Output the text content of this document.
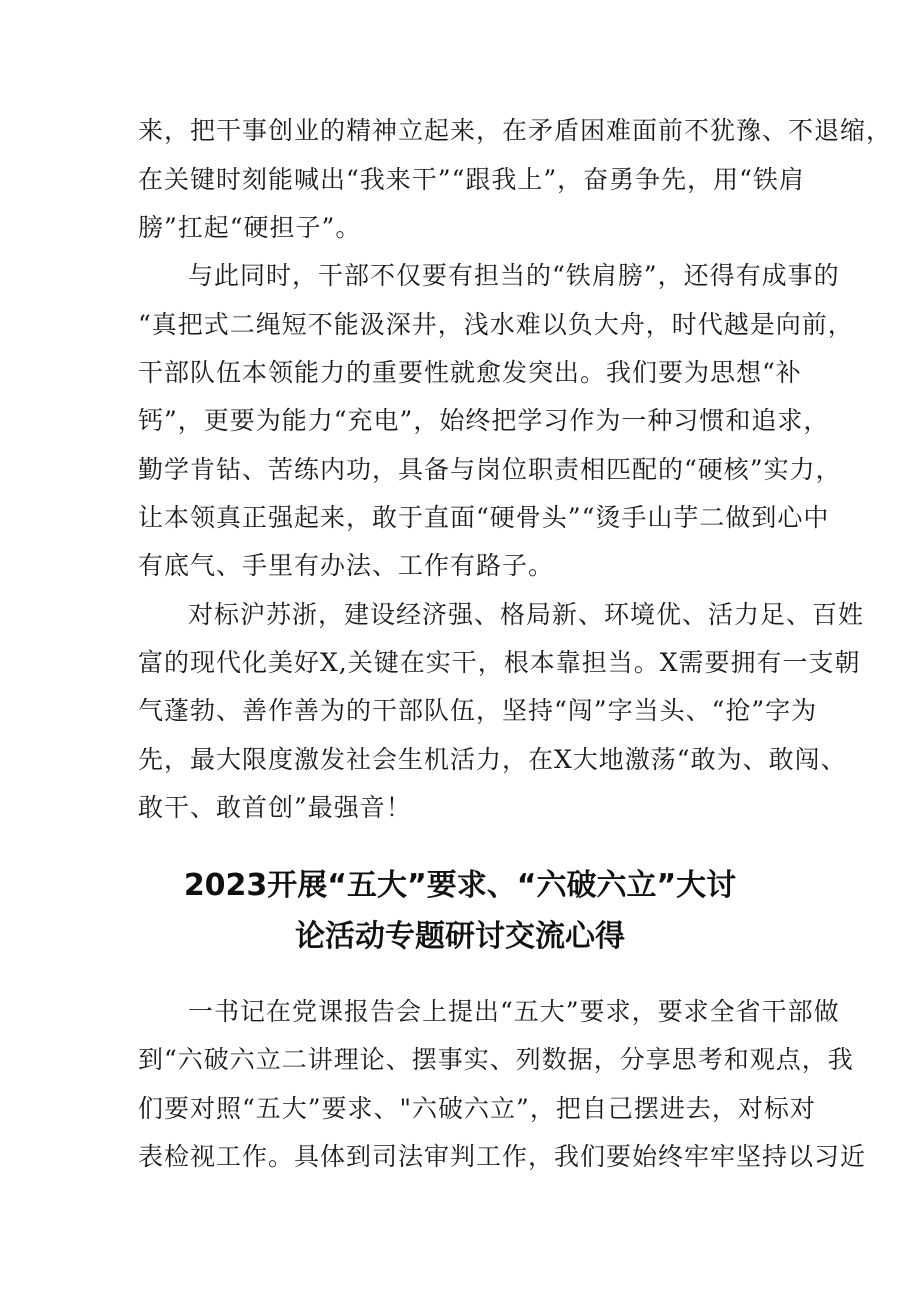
来，把干事创业的精神立起来，在矛盾困难面前不犹豫、不退缩，
在关键时刻能喊出“我来干”“跟我上”，奋勇争先，用“铁肩
膀”扛起“硬担子”。
与此同时，干部不仅要有担当的“铁肩膀”，还得有成事的
“真把式二绳短不能汲深井，浅水难以负大舟，时代越是向前，
干部队伍本领能力的重要性就愈发突出。我们要为思想“补
钙”，更要为能力“充电”，始终把学习作为一种习惯和追求，
勤学肯钻、苦练内功，具备与岗位职责相匹配的“硬核”实力，
让本领真正强起来，敢于直面“硬骨头”“烫手山芋二做到心中
有底气、手里有办法、工作有路子。
对标沪苏浙，建设经济强、格局新、环境优、活力足、百姓
富的现代化美好X,关键在实干，根本靠担当。X需要拥有一支朝
气蓬勃、善作善为的干部队伍，坚持“闯”字当头、“抢”字为
先，最大限度激发社会生机活力，在X大地激荡“敢为、敢闯、
敢干、敢首创”最强音！
2023开展“五大”要求、“六破六立”大讨
论活动专题研讨交流心得
一书记在党课报告会上提出“五大”要求，要求全省干部做
到“六破六立二讲理论、摆事实、列数据，分享思考和观点，我
们要对照“五大”要求、"六破六立”，把自己摆进去，对标对
表检视工作。具体到司法审判工作，我们要始终牢牢坚持以习近
